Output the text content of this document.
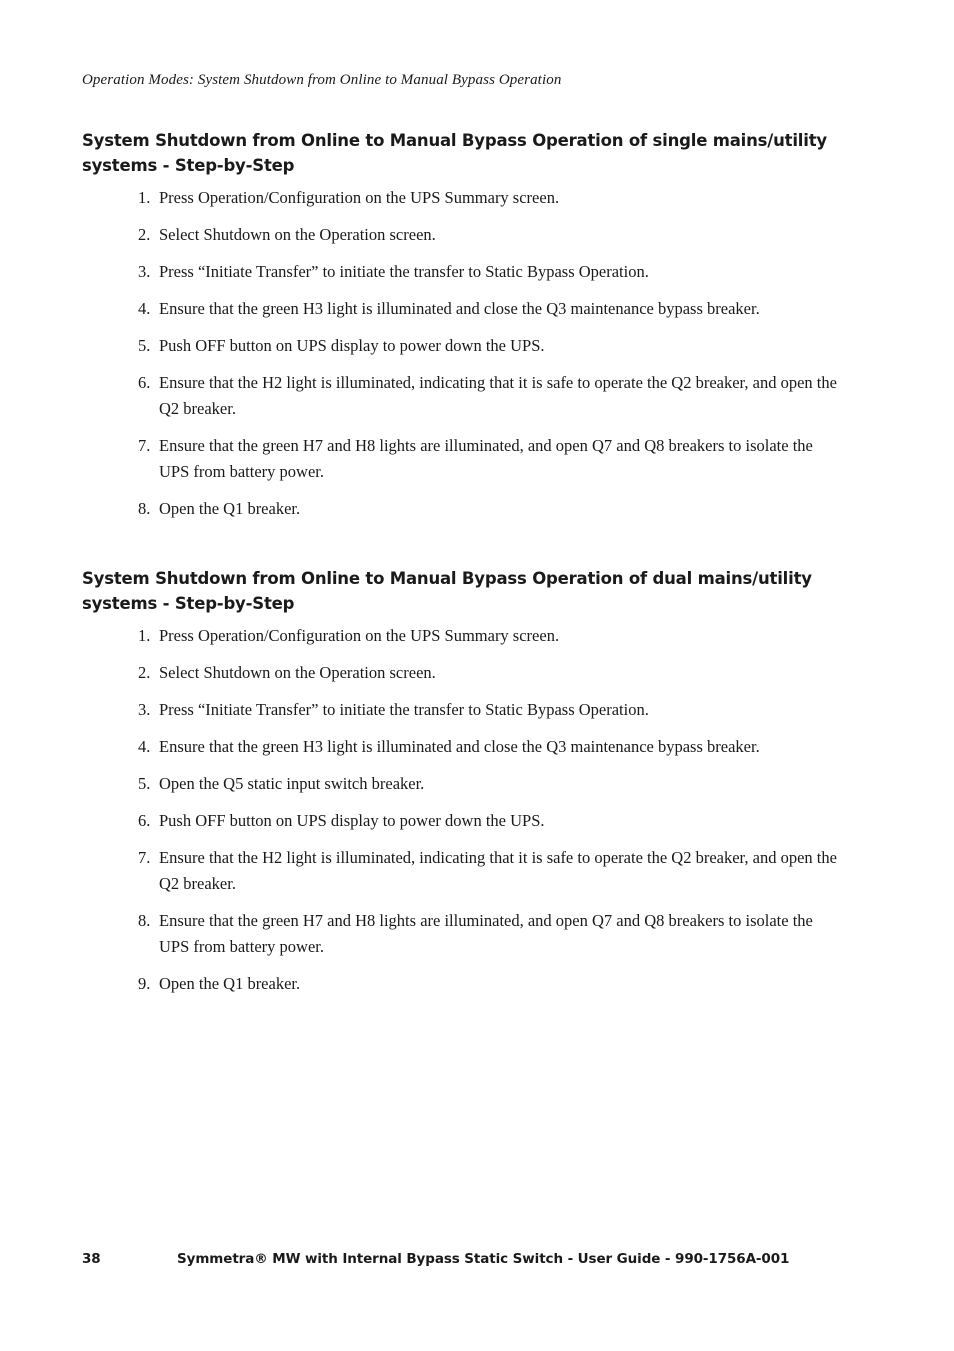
Operation Modes: System Shutdown from Online to Manual Bypass Operation
System Shutdown from Online to Manual Bypass Operation of single mains/utility systems - Step-by-Step
1. Press Operation/Configuration on the UPS Summary screen.
2. Select Shutdown on the Operation screen.
3. Press “Initiate Transfer” to initiate the transfer to Static Bypass Operation.
4. Ensure that the green H3 light is illuminated and close the Q3 maintenance bypass breaker.
5. Push OFF button on UPS display to power down the UPS.
6. Ensure that the H2 light is illuminated, indicating that it is safe to operate the Q2 breaker, and open the Q2 breaker.
7. Ensure that the green H7 and H8 lights are illuminated, and open Q7 and Q8 breakers to isolate the UPS from battery power.
8. Open the Q1 breaker.
System Shutdown from Online to Manual Bypass Operation of dual mains/utility systems - Step-by-Step
1. Press Operation/Configuration on the UPS Summary screen.
2. Select Shutdown on the Operation screen.
3. Press “Initiate Transfer” to initiate the transfer to Static Bypass Operation.
4. Ensure that the green H3 light is illuminated and close the Q3 maintenance bypass breaker.
5. Open the Q5 static input switch breaker.
6. Push OFF button on UPS display to power down the UPS.
7. Ensure that the H2 light is illuminated, indicating that it is safe to operate the Q2 breaker, and open the Q2 breaker.
8. Ensure that the green H7 and H8 lights are illuminated, and open Q7 and Q8 breakers to isolate the UPS from battery power.
9. Open the Q1 breaker.
38	Symmetra® MW with Internal Bypass Static Switch - User Guide - 990-1756A-001
